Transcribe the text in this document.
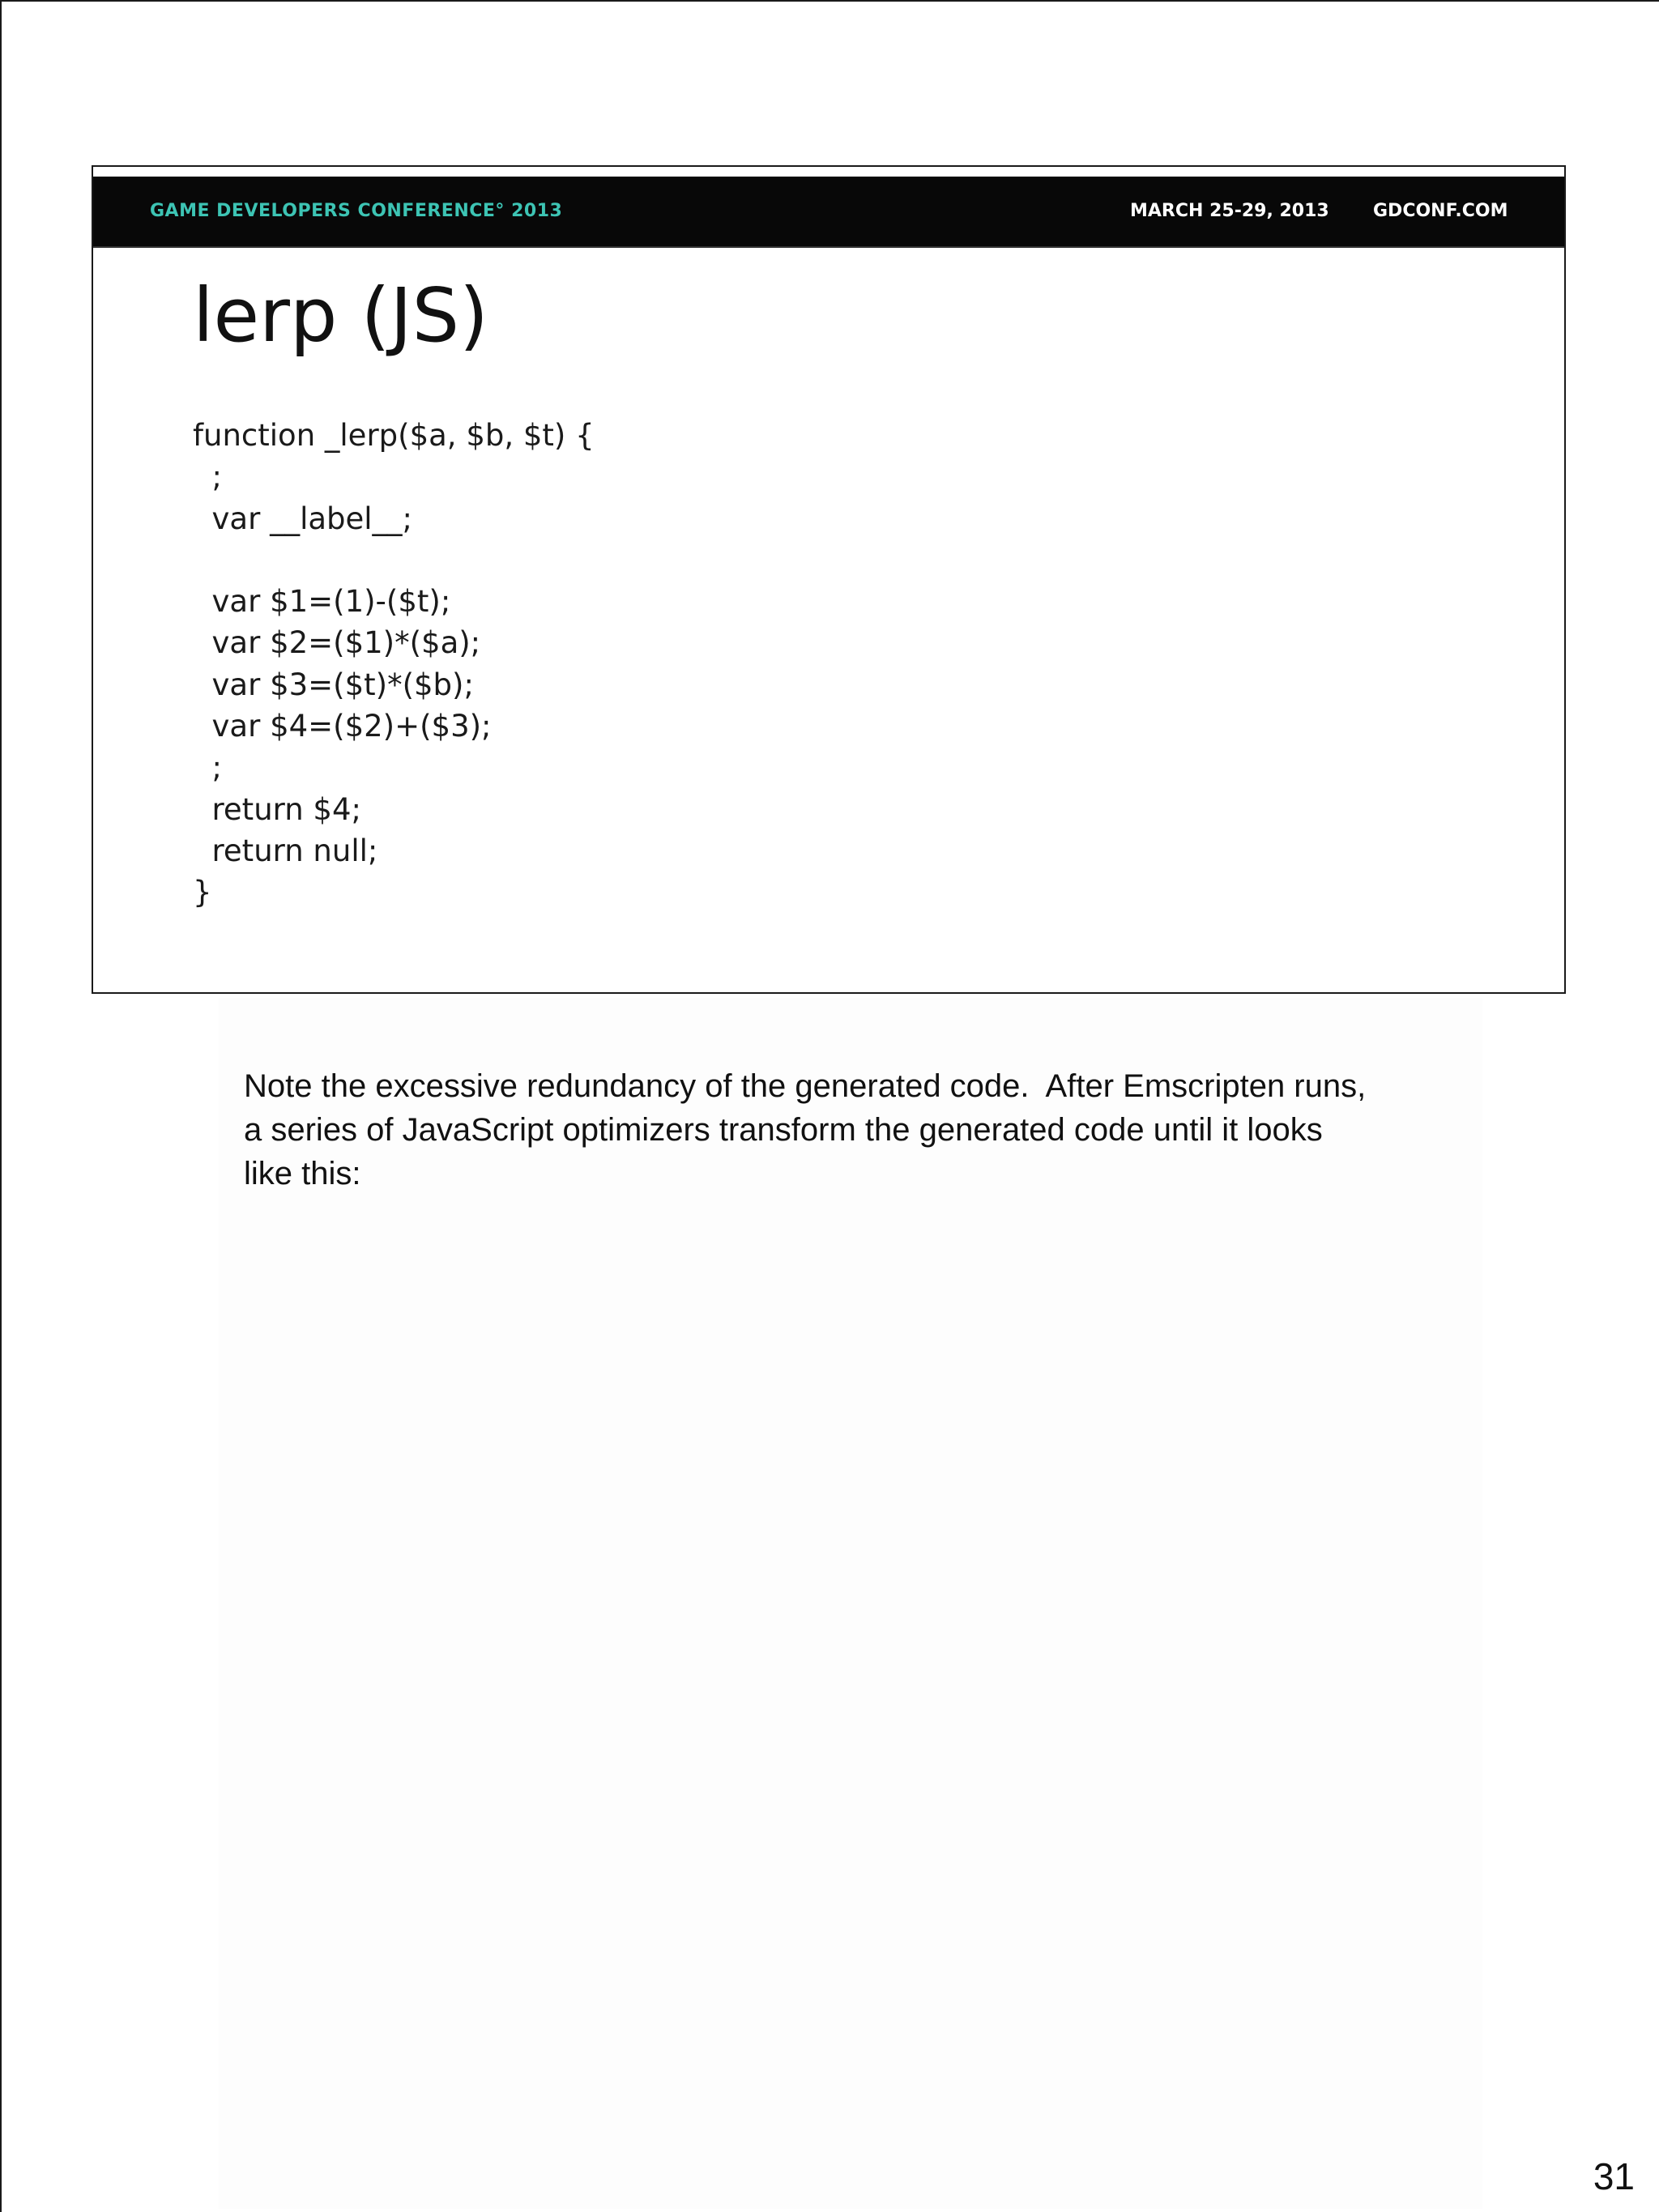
GAME DEVELOPERS CONFERENCE° 2013	MARCH 25-29, 2013 GDCONF.COM
lerp (JS)
function _lerp($a, $b, $t) {
;
var __label__;
var $1=(1)-($t);
var $2=($1)*($a);
var $3=($t)*($b);
var $4=($2)+($3);
;
return $4;
return null;
}
Note the excessive redundancy of the generated code.  After Emscripten runs,
a series of JavaScript optimizers transform the generated code until it looks
like this:
31
